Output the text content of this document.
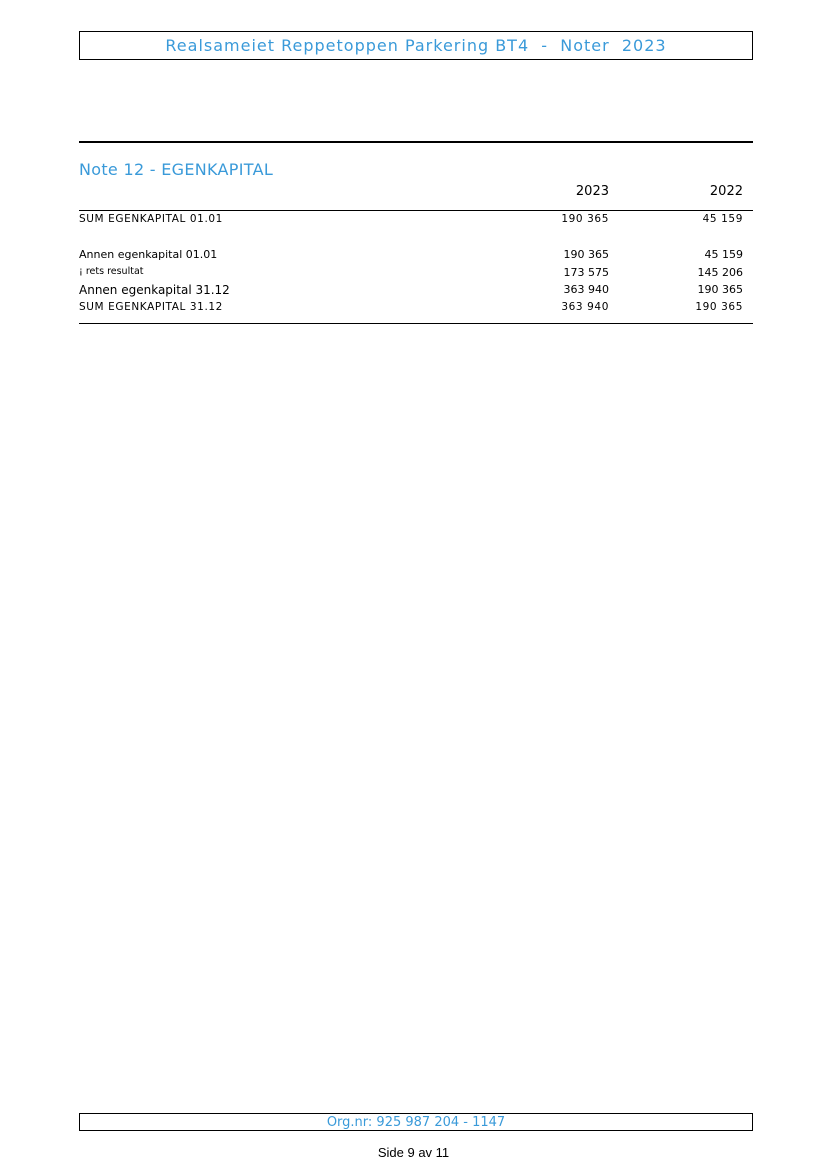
Realsameiet Reppetoppen Parkering BT4  -  Noter  2023
Note 12 - EGENKAPITAL
2023	2022
SUM EGENKAPITAL 01.01	190 365	45 159
Annen egenkapital 01.01	190 365	45 159
¡ rets resultat	173 575	145 206
Annen egenkapital 31.12	363 940	190 365
SUM EGENKAPITAL 31.12	363 940	190 365
Org.nr: 925 987 204 - 1147
Side 9 av 11
